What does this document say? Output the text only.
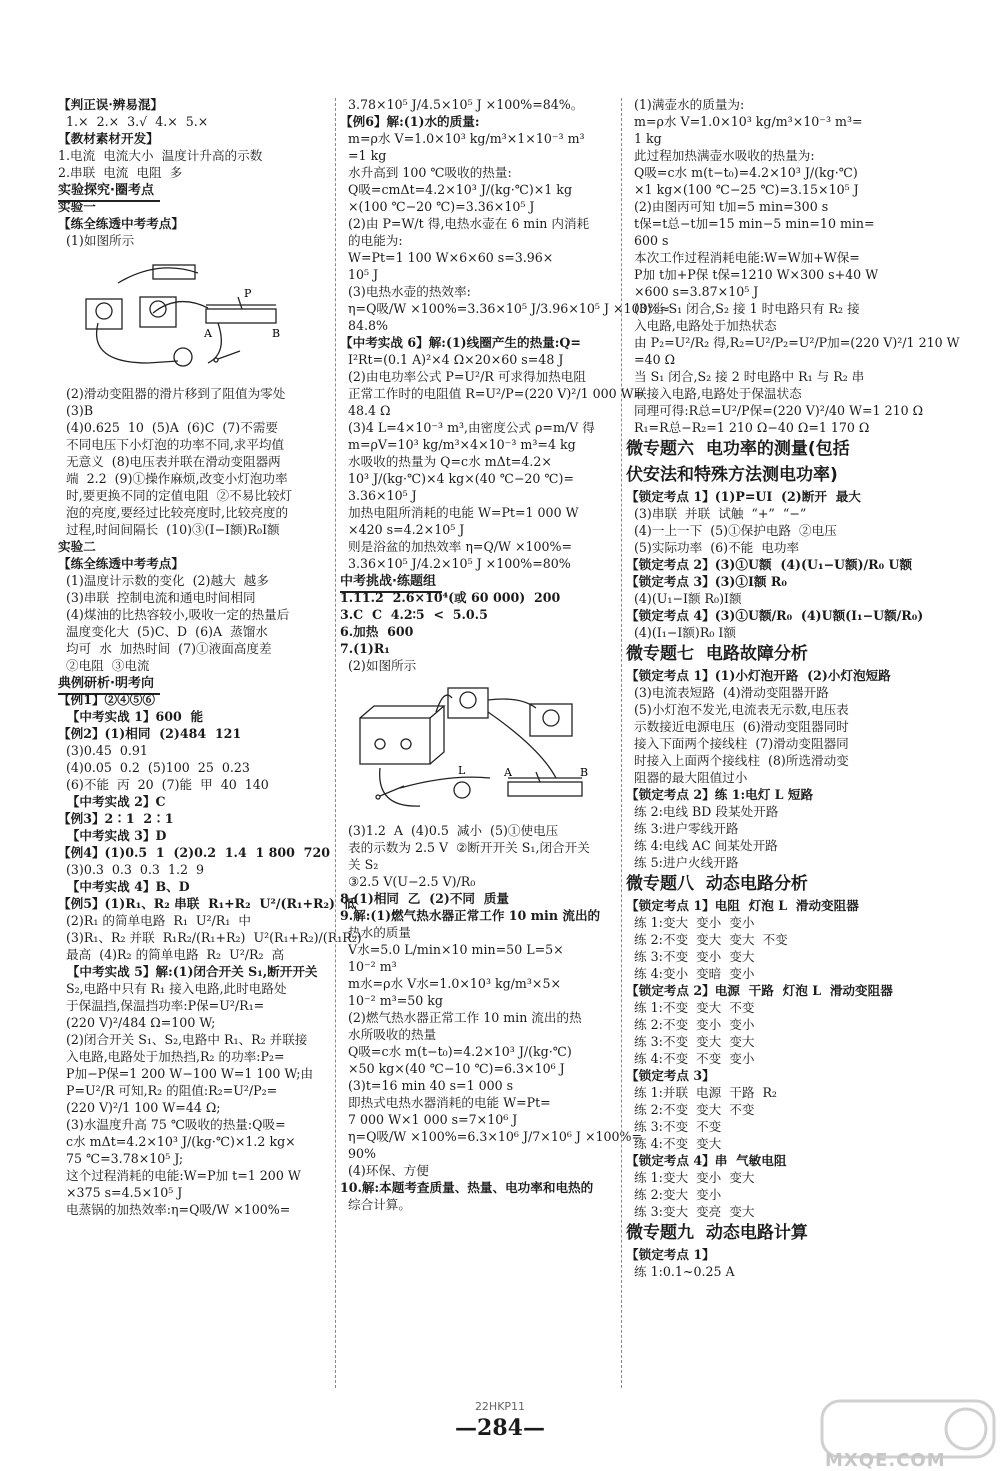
【判正误·辨易混】
1.×  2.×  3.√  4.×  5.×
【教材素材开发】
1.电流  电流大小  温度计升高的示数
2.串联  电流  电阻  多
实验探究·圈考点
实验一
【练全练透中考考点】
(1)如图所示
P
A	B
(2)滑动变阻器的滑片移到了阻值为零处
(3)B
(4)0.625  10  (5)A  (6)C  (7)不需要
不同电压下小灯泡的功率不同,求平均值
无意义  (8)电压表并联在滑动变阻器两
端  2.2  (9)①操作麻烦,改变小灯泡功率
时,要更换不同的定值电阻  ②不易比较灯
泡的亮度,要经过比较亮度时,比较亮度的
过程,时间间隔长  (10)③(I−I额)R₀I额
实验二
【练全练透中考考点】
(1)温度计示数的变化  (2)越大  越多
(3)串联  控制电流和通电时间相同
(4)煤油的比热容较小,吸收一定的热量后
温度变化大  (5)C、D  (6)A  蒸馏水
均可  水  加热时间  (7)①液面高度差
②电阻  ③电流
典例研析·明考向
【例1】②④⑤⑥
【中考实战 1】600  能
【例2】(1)相同  (2)484  121
(3)0.45  0.91
(4)0.05  0.2  (5)100  25  0.23
(6)不能  丙  20  (7)能  甲  40  140
【中考实战 2】C
【例3】2∶1  2∶1
【中考实战 3】D
【例4】(1)0.5  1  (2)0.2  1.4  1 800  720
(3)0.3  0.3  0.3  1.2  9
【中考实战 4】B、D
【例5】(1)R₁、R₂ 串联  R₁+R₂  U²/(R₁+R₂)  低
(2)R₁ 的简单电路  R₁  U²/R₁  中
(3)R₁、R₂ 并联  R₁R₂/(R₁+R₂)  U²(R₁+R₂)/(R₁R₂)
最高  (4)R₂ 的简单电路  R₂  U²/R₂  高
【中考实战 5】解:(1)闭合开关 S₁,断开开关
S₂,电路中只有 R₁ 接入电路,此时电路处
于保温挡,保温挡功率:P保=U²/R₁=
(220 V)²/484 Ω=100 W;
(2)闭合开关 S₁、S₂,电路中 R₁、R₂ 并联接
入电路,电路处于加热挡,R₂ 的功率:P₂=
P加−P保=1 200 W−100 W=1 100 W;由
P=U²/R 可知,R₂ 的阻值:R₂=U²/P₂=
(220 V)²/1 100 W=44 Ω;
(3)水温度升高 75 ℃吸收的热量:Q吸=
c水 mΔt=4.2×10³ J/(kg·℃)×1.2 kg×
75 ℃=3.78×10⁵ J;
这个过程消耗的电能:W=P加 t=1 200 W
×375 s=4.5×10⁵ J
电蒸锅的加热效率:η=Q吸/W ×100%=
3.78×10⁵ J/4.5×10⁵ J ×100%=84%。
【例6】解:(1)水的质量:
m=ρ水 V=1.0×10³ kg/m³×1×10⁻³ m³
=1 kg
水升高到 100 ℃吸收的热量:
Q吸=cmΔt=4.2×10³ J/(kg·℃)×1 kg
×(100 ℃−20 ℃)=3.36×10⁵ J
(2)由 P=W/t 得,电热水壶在 6 min 内消耗
的电能为:
W=Pt=1 100 W×6×60 s=3.96×
10⁵ J
(3)电热水壶的热效率:
η=Q吸/W ×100%=3.36×10⁵ J/3.96×10⁵ J ×100%≈
84.8%
【中考实战 6】解:(1)线圈产生的热量:Q=
I²Rt=(0.1 A)²×4 Ω×20×60 s=48 J
(2)由电功率公式 P=U²/R 可求得加热电阻
正常工作时的电阻值 R=U²/P=(220 V)²/1 000 W=
48.4 Ω
(3)4 L=4×10⁻³ m³,由密度公式 ρ=m/V 得
m=ρV=10³ kg/m³×4×10⁻³ m³=4 kg
水吸收的热量为 Q=c水 mΔt=4.2×
10³ J/(kg·℃)×4 kg×(40 ℃−20 ℃)=
3.36×10⁵ J
加热电阻所消耗的电能 W=Pt=1 000 W
×420 s=4.2×10⁵ J
则是浴盆的加热效率 η=Q/W ×100%=
3.36×10⁵ J/4.2×10⁵ J ×100%=80%
中考挑战·练题组
1.11.2  2.6×10⁴(或 60 000)  200
3.C  C  4.2∶5  <  5.0.5
6.加热  600
7.(1)R₁
(2)如图所示
L	A	B
(3)1.2  A  (4)0.5  减小  (5)①使电压
表的示数为 2.5 V  ②断开开关 S₁,闭合开关
关 S₂
③2.5 V(U−2.5 V)/R₀
8.(1)相同  乙  (2)不同  质量
9.解:(1)燃气热水器正常工作 10 min 流出的
热水的质量
V水=5.0 L/min×10 min=50 L=5×
10⁻² m³
m水=ρ水 V水=1.0×10³ kg/m³×5×
10⁻² m³=50 kg
(2)燃气热水器正常工作 10 min 流出的热
水所吸收的热量
Q吸=c水 m(t−t₀)=4.2×10³ J/(kg·℃)
×50 kg×(40 ℃−10 ℃)=6.3×10⁶ J
(3)t=16 min 40 s=1 000 s
即热式电热水器消耗的电能 W=Pt=
7 000 W×1 000 s=7×10⁶ J
η=Q吸/W ×100%=6.3×10⁶ J/7×10⁶ J ×100%=
90%
(4)环保、方便
10.解:本题考查质量、热量、电功率和电热的
综合计算。
(1)满壶水的质量为:
m=ρ水 V=1.0×10³ kg/m³×10⁻³ m³=
1 kg
此过程加热满壶水吸收的热量为:
Q吸=c水 m(t−t₀)=4.2×10³ J/(kg·℃)
×1 kg×(100 ℃−25 ℃)=3.15×10⁵ J
(2)由图丙可知 t加=5 min=300 s
t保=t总−t加=15 min−5 min=10 min=
600 s
本次工作过程消耗电能:W=W加+W保=
P加 t加+P保 t保=1210 W×300 s+40 W
×600 s=3.87×10⁵ J
(3)当 S₁ 闭合,S₂ 接 1 时电路只有 R₂ 接
入电路,电路处于加热状态
由 P₂=U²/R₂ 得,R₂=U²/P₂=U²/P加=(220 V)²/1 210 W
=40 Ω
当 S₁ 闭合,S₂ 接 2 时电路中 R₁ 与 R₂ 串
联接入电路,电路处于保温状态
同理可得:R总=U²/P保=(220 V)²/40 W=1 210 Ω
R₁=R总−R₂=1 210 Ω−40 Ω=1 170 Ω
微专题六  电功率的测量(包括
伏安法和特殊方法测电功率)
【锁定考点 1】(1)P=UI  (2)断开  最大
(3)串联  并联  试触  “+”  “−”
(4)一上一下  (5)①保护电路  ②电压
(5)实际功率  (6)不能  电功率
【锁定考点 2】(3)①U额  (4)(U₁−U额)/R₀ U额
【锁定考点 3】(3)①I额 R₀
(4)(U₁−I额 R₀)I额
【锁定考点 4】(3)①U额/R₀  (4)U额(I₁−U额/R₀)
(4)(I₁−I额)R₀ I额
微专题七  电路故障分析
【锁定考点 1】(1)小灯泡开路  (2)小灯泡短路
(3)电流表短路  (4)滑动变阻器开路
(5)小灯泡不发光,电流表无示数,电压表
示数接近电源电压  (6)滑动变阻器同时
接入下面两个接线柱  (7)滑动变阻器同
时接入上面两个接线柱  (8)所选滑动变
阻器的最大阻值过小
【锁定考点 2】练 1:电灯 L 短路
练 2:电线 BD 段某处开路
练 3:进户零线开路
练 4:电线 AC 间某处开路
练 5:进户火线开路
微专题八  动态电路分析
【锁定考点 1】电阻  灯泡 L  滑动变阻器
练 1:变大  变小  变小
练 2:不变  变大  变大  不变
练 3:不变  变小  变大
练 4:变小  变暗  变小
【锁定考点 2】电源  干路  灯泡 L  滑动变阻器
练 1:不变  变大  不变
练 2:不变  变小  变小
练 3:不变  变大  变大
练 4:不变  不变  变小
【锁定考点 3】
练 1:并联  电源  干路  R₂
练 2:不变  变大  不变
练 3:不变  不变
练 4:不变  变大
【锁定考点 4】串  气敏电阻
练 1:变大  变小  变大
练 2:变大  变小
练 3:变大  变亮  变大
微专题九  动态电路计算
【锁定考点 1】
练 1:0.1~0.25 A
22HKP11
—284—
MXQE.COM
